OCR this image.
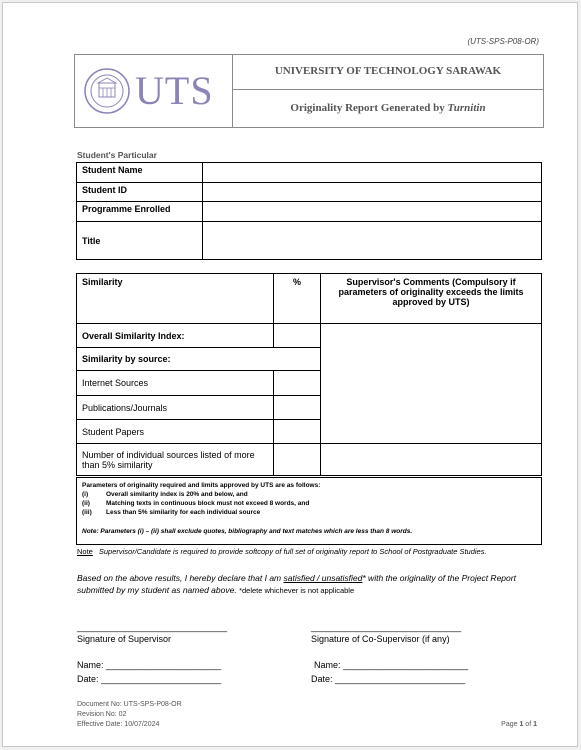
(UTS-SPS-P08-OR)
UTS	UNIVERSITY OF TECHNOLOGY SARAWAK
Originality Report Generated by Turnitin
Student's Particular
Student Name	
Student ID	
Programme Enrolled	
Title	
Similarity	%	Supervisor's Comments (Compulsory if parameters of originality exceeds the limits approved by UTS)
Overall Similarity Index:		
Similarity by source:		
Internet Sources		
Publications/Journals		
Student Papers		
Number of individual sources listed of more than 5% similarity		
Parameters of originality required and limits approved by UTS are as follows:
(i)	Overall similarity index is 20% and below, and
(ii)	Matching texts in continuous block must not exceed 8 words, and
(iii)	Less than 5% similarity for each individual source
Note: Parameters (i) – (ii) shall exclude quotes, bibliography and text matches which are less than 8 words.
Note Supervisor/Candidate is required to provide softcopy of full set of originality report to School of Postgraduate Studies.
Based on the above results, I hereby declare that I am satisfied / unsatisfied* with the originality of the Project Report submitted by my student as named above. *delete whichever is not applicable
______________________________	______________________________
Signature of Supervisor	Signature of Co-Supervisor (if any)
Name: _______________________
Date: ________________________
Name: _________________________
Date: __________________________
Document No: UTS-SPS-P08-OR
Revision No: 02
Effective Date: 10/07/2024	Page 1 of 1
